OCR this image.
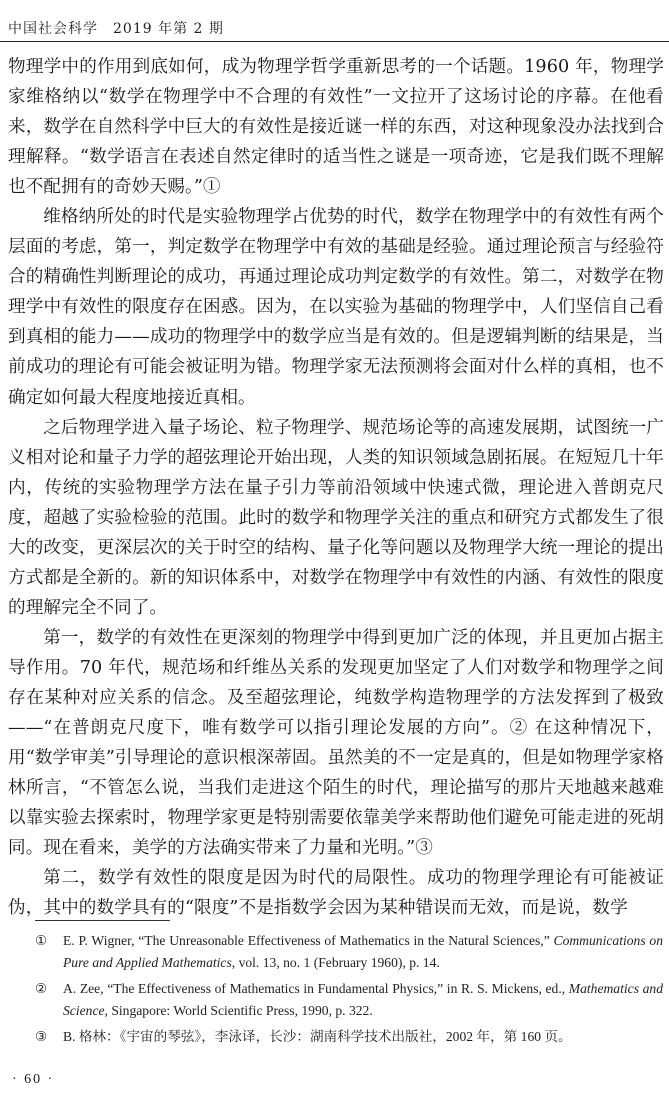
中国社会科学　2019 年第 2 期

物理学中的作用到底如何，成为物理学哲学重新思考的一个话题。1960 年，物理学家维格纳以“数学在物理学中不合理的有效性”一文拉开了这场讨论的序幕。在他看来，数学在自然科学中巨大的有效性是接近谜一样的东西，对这种现象没办法找到合理解释。“数学语言在表述自然定律时的适当性之谜是一项奇迹，它是我们既不理解也不配拥有的奇妙天赐。”①

维格纳所处的时代是实验物理学占优势的时代，数学在物理学中的有效性有两个层面的考虑，第一，判定数学在物理学中有效的基础是经验。通过理论预言与经验符合的精确性判断理论的成功，再通过理论成功判定数学的有效性。第二，对数学在物理学中有效性的限度存在困惑。因为，在以实验为基础的物理学中，人们坚信自己看到真相的能力——成功的物理学中的数学应当是有效的。但是逻辑判断的结果是，当前成功的理论有可能会被证明为错。物理学家无法预测将会面对什么样的真相，也不确定如何最大程度地接近真相。

之后物理学进入量子场论、粒子物理学、规范场论等的高速发展期，试图统一广义相对论和量子力学的超弦理论开始出现，人类的知识领域急剧拓展。在短短几十年内，传统的实验物理学方法在量子引力等前沿领域中快速式微，理论进入普朗克尺度，超越了实验检验的范围。此时的数学和物理学关注的重点和研究方式都发生了很大的改变，更深层次的关于时空的结构、量子化等问题以及物理学大统一理论的提出方式都是全新的。新的知识体系中，对数学在物理学中有效性的内涵、有效性的限度的理解完全不同了。

第一，数学的有效性在更深刻的物理学中得到更加广泛的体现，并且更加占据主导作用。70 年代，规范场和纤维丛关系的发现更加坚定了人们对数学和物理学之间存在某种对应关系的信念。及至超弦理论，纯数学构造物理学的方法发挥到了极致——“在普朗克尺度下，唯有数学可以指引理论发展的方向”。② 在这种情况下，用“数学审美”引导理论的意识根深蒂固。虽然美的不一定是真的，但是如物理学家格林所言，“不管怎么说，当我们走进这个陌生的时代，理论描写的那片天地越来越难以靠实验去探索时，物理学家更是特别需要依靠美学来帮助他们避免可能走进的死胡同。现在看来，美学的方法确实带来了力量和光明。”③

第二，数学有效性的限度是因为时代的局限性。成功的物理学理论有可能被证伪，其中的数学具有的“限度”不是指数学会因为某种错误而无效，而是说，数学

①	E. P. Wigner, “The Unreasonable Effectiveness of Mathematics in the Natural Sciences,” Communications on Pure and Applied Mathematics, vol. 13, no. 1 (February 1960), p. 14.
②	A. Zee, “The Effectiveness of Mathematics in Fundamental Physics,” in R. S. Mickens, ed., Mathematics and Science, Singapore: World Scientific Press, 1990, p. 322.
③	B. 格林：《宇宙的琴弦》，李泳译，长沙：湖南科学技术出版社，2002 年，第 160 页。
· 60 ·
